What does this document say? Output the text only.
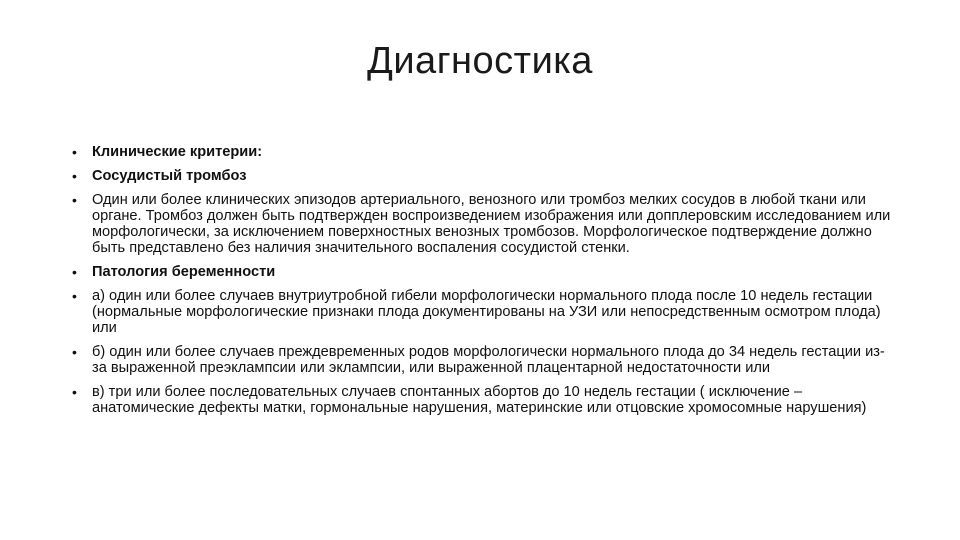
Диагностика
•	Клинические критерии:
•	Сосудистый тромбоз
•	Один или более клинических эпизодов артериального, венозного или тромбоз мелких сосудов в любой ткани или органе. Тромбоз должен быть подтвержден воспроизведением изображения или допплеровским исследованием или морфологически, за исключением поверхностных венозных тромбозов. Морфологическое подтверждение должно быть представлено без наличия значительного воспаления сосудистой стенки.
•	Патология беременности
•	а) один или более случаев внутриутробной гибели морфологически нормального плода после 10 недель гестации (нормальные морфологические признаки плода документированы на УЗИ или непосредственным осмотром плода) или
•	б) один или более случаев преждевременных родов морфологически нормального плода до 34 недель гестации из-за выраженной преэклампсии или эклампсии, или выраженной плацентарной недостаточности или
•	в) три или более последовательных случаев спонтанных абортов до 10 недель гестации ( исключение – анатомические дефекты матки, гормональные нарушения, материнские или отцовские хромосомные нарушения)
